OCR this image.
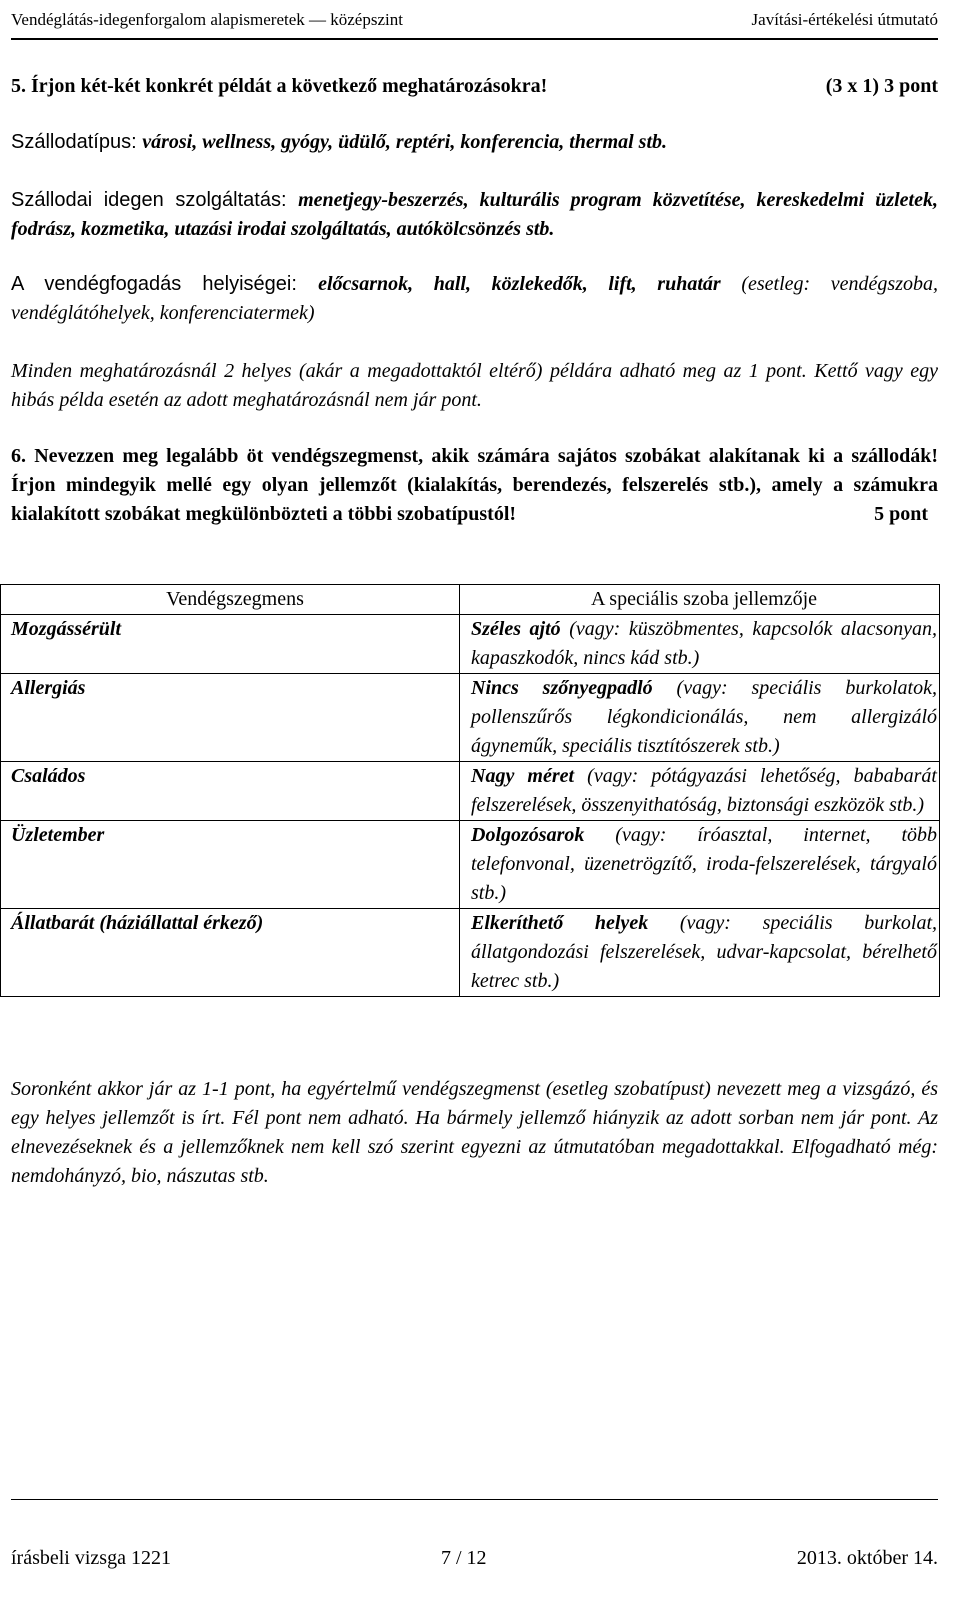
Vendéglátás-idegenforgalom alapismeretek — középszint	Javítási-értékelési útmutató
5. Írjon két-két konkrét példát a következő meghatározásokra!	(3 x 1) 3 pont
Szállodatípus: városi, wellness, gyógy, üdülő, reptéri, konferencia, thermal stb.
Szállodai idegen szolgáltatás: menetjegy-beszerzés, kulturális program közvetítése, kereskedelmi üzletek, fodrász, kozmetika, utazási irodai szolgáltatás, autókölcsönzés stb.
A vendégfogadás helyiségei: előcsarnok, hall, közlekedők, lift, ruhatár (esetleg: vendégszoba, vendéglátóhelyek, konferenciatermek)
Minden meghatározásnál 2 helyes (akár a megadottaktól eltérő) példára adható meg az 1 pont. Kettő vagy egy hibás példa esetén az adott meghatározásnál nem jár pont.
6. Nevezzen meg legalább öt vendégszegmenst, akik számára sajátos szobákat alakítanak ki a szállodák! Írjon mindegyik mellé egy olyan jellemzőt (kialakítás, berendezés, felszerelés stb.), amely a számukra kialakított szobákat megkülönbözteti a többi szobatípustól!	5 pont
Vendégszegmens	A speciális szoba jellemzője
Mozgássérült	Széles ajtó (vagy: küszöbmentes, kapcsolók alacsonyan, kapaszkodók, nincs kád stb.)
Allergiás	Nincs szőnyegpadló (vagy: speciális burkolatok, pollenszűrős légkondicionálás, nem allergizáló ágyneműk, speciális tisztítószerek stb.)
Családos	Nagy méret (vagy: pótágyazási lehetőség, bababarát felszerelések, összenyithatóság, biztonsági eszközök stb.)
Üzletember	Dolgozósarok (vagy: íróasztal, internet, több telefonvonal, üzenetrögzítő, iroda-felszerelések, tárgyaló stb.)
Állatbarát (háziállattal érkező)	Elkeríthető helyek (vagy: speciális burkolat, állatgondozási felszerelések, udvar-kapcsolat, bérelhető ketrec stb.)
Soronként akkor jár az 1-1 pont, ha egyértelmű vendégszegmenst (esetleg szobatípust) nevezett meg a vizsgázó, és egy helyes jellemzőt is írt. Fél pont nem adható. Ha bármely jellemző hiányzik az adott sorban nem jár pont. Az elnevezéseknek és a jellemzőknek nem kell szó szerint egyezni az útmutatóban megadottakkal. Elfogadható még: nemdohányzó, bio, nászutas stb.
írásbeli vizsga 1221	7 / 12	2013. október 14.
